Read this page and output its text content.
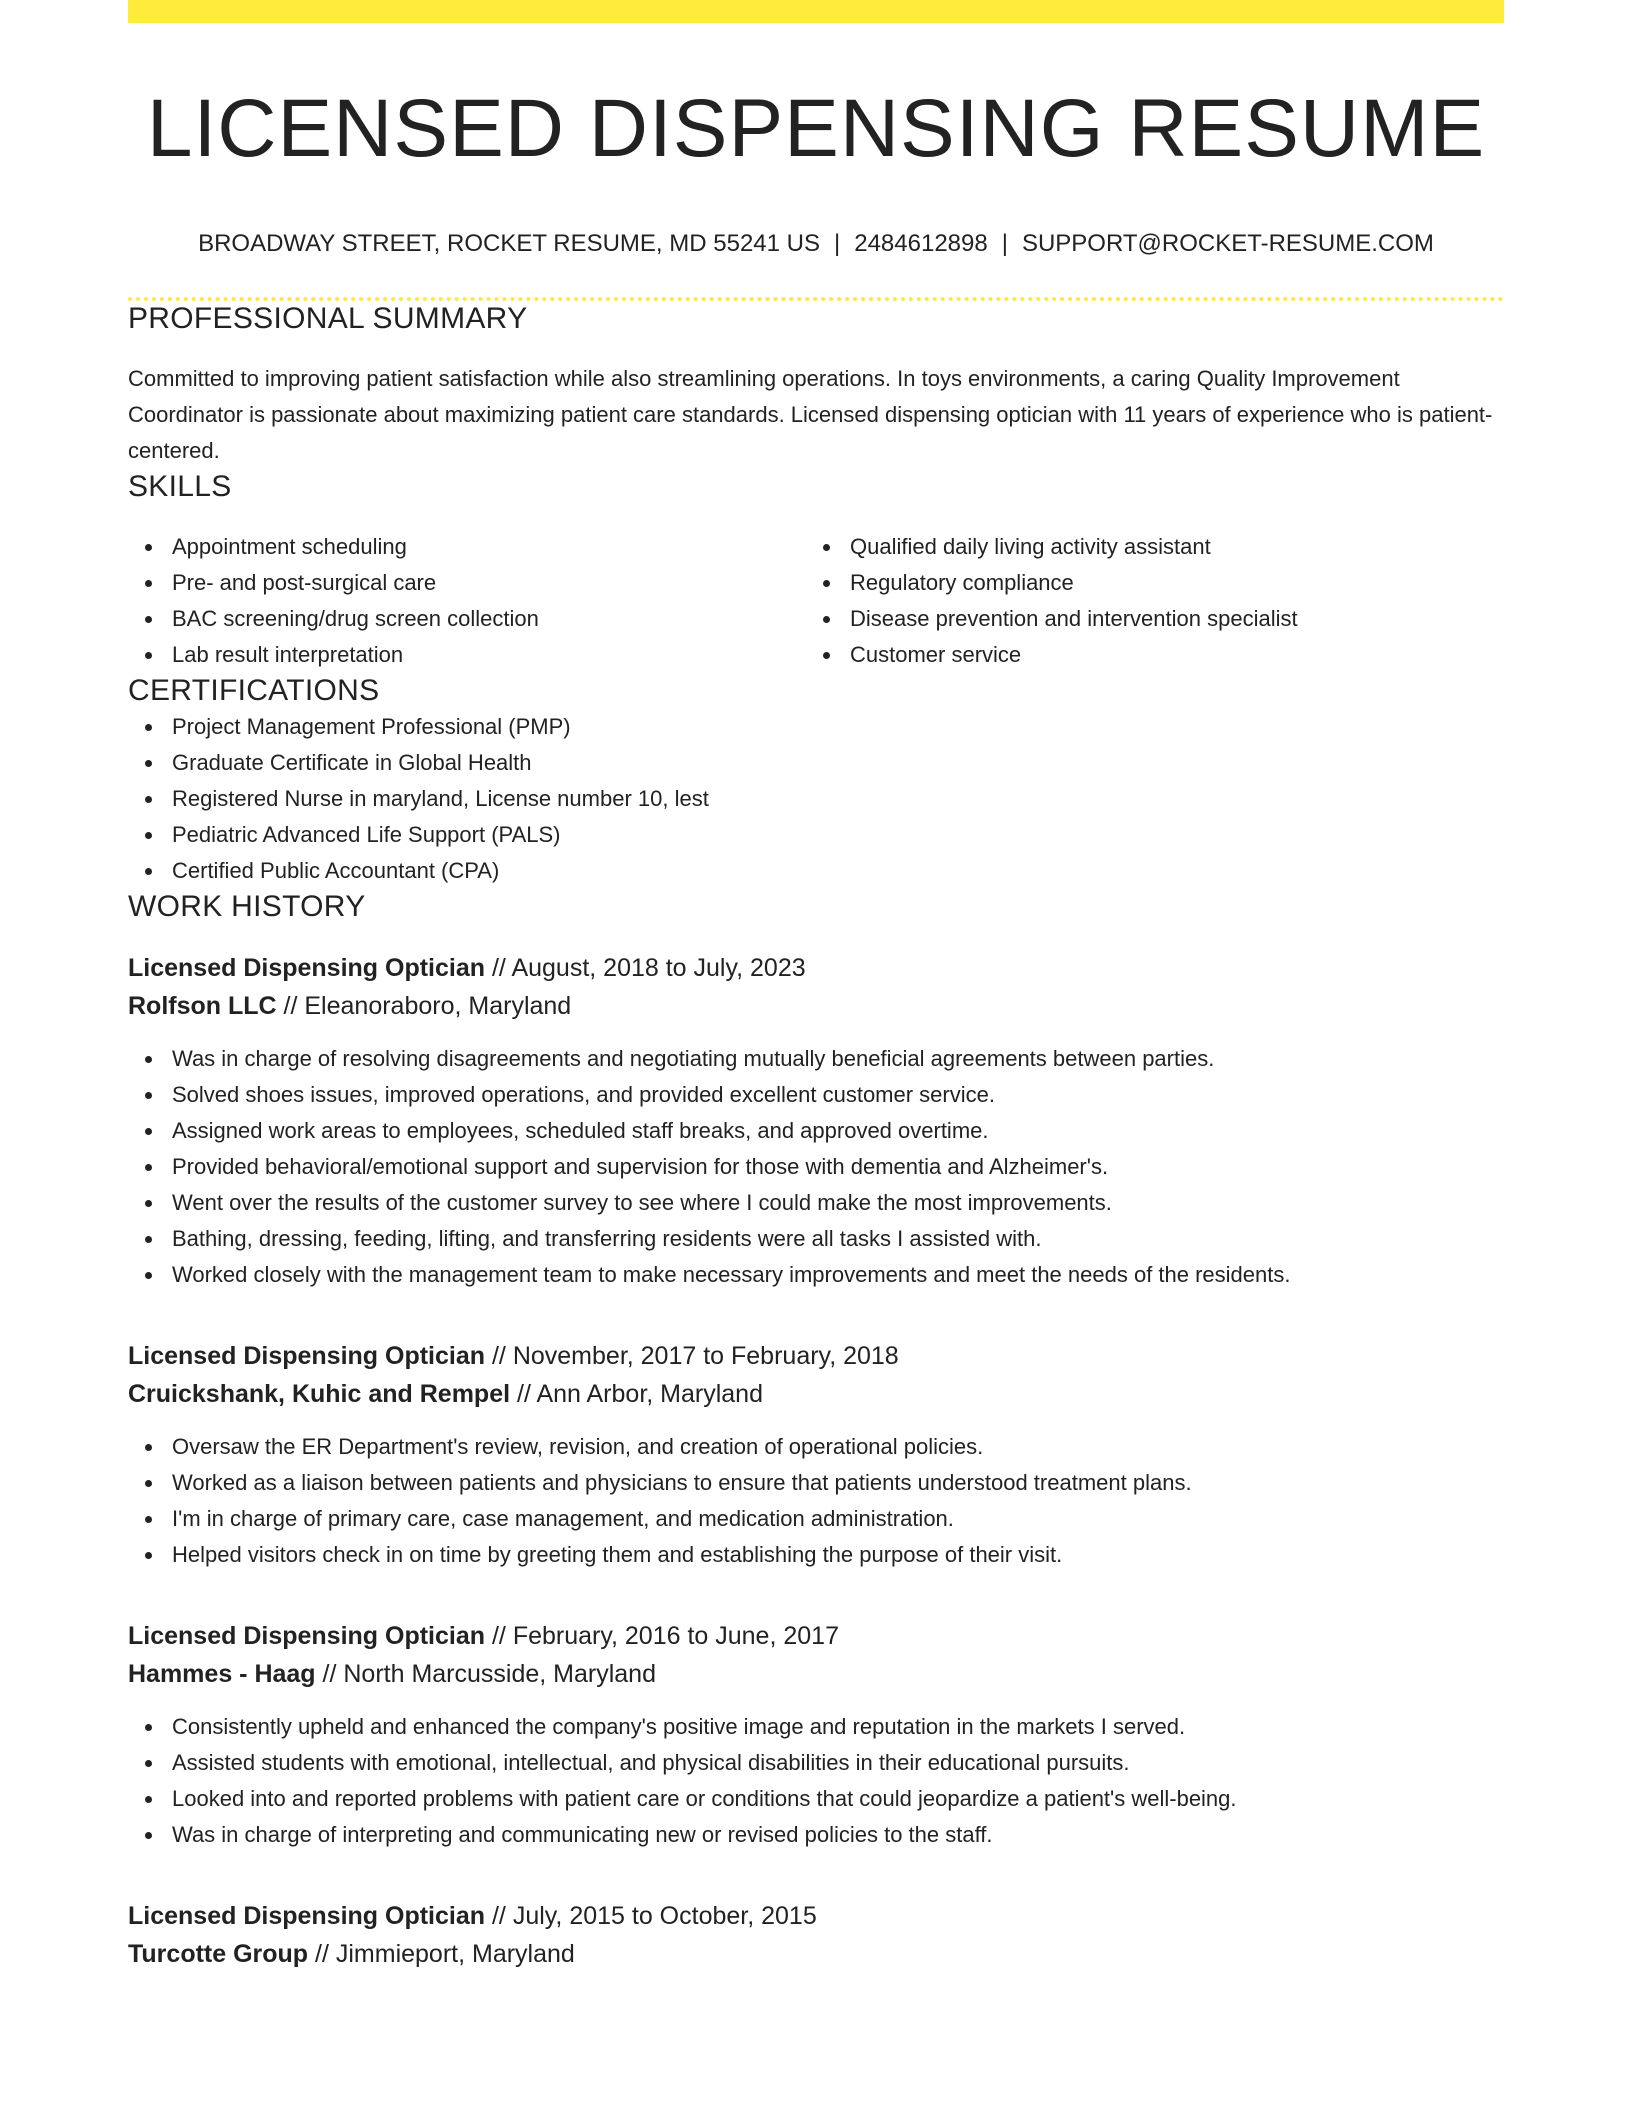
LICENSED DISPENSING RESUME
BROADWAY STREET, ROCKET RESUME, MD 55241 US | 2484612898 | SUPPORT@ROCKET-RESUME.COM
PROFESSIONAL SUMMARY

Committed to improving patient satisfaction while also streamlining operations. In toys environments, a caring Quality Improvement Coordinator is passionate about maximizing patient care standards. Licensed dispensing optician with 11 years of experience who is patient-centered.

SKILLS
Appointment scheduling
Pre- and post-surgical care
BAC screening/drug screen collection
Lab result interpretation
Qualified daily living activity assistant
Regulatory compliance
Disease prevention and intervention specialist
Customer service
CERTIFICATIONS
Project Management Professional (PMP)
Graduate Certificate in Global Health
Registered Nurse in maryland, License number 10, lest
Pediatric Advanced Life Support (PALS)
Certified Public Accountant (CPA)
WORK HISTORY
Licensed Dispensing Optician // August, 2018 to July, 2023
Rolfson LLC // Eleanoraboro, Maryland
Was in charge of resolving disagreements and negotiating mutually beneficial agreements between parties.
Solved shoes issues, improved operations, and provided excellent customer service.
Assigned work areas to employees, scheduled staff breaks, and approved overtime.
Provided behavioral/emotional support and supervision for those with dementia and Alzheimer's.
Went over the results of the customer survey to see where I could make the most improvements.
Bathing, dressing, feeding, lifting, and transferring residents were all tasks I assisted with.
Worked closely with the management team to make necessary improvements and meet the needs of the residents.
Licensed Dispensing Optician // November, 2017 to February, 2018
Cruickshank, Kuhic and Rempel // Ann Arbor, Maryland
Oversaw the ER Department's review, revision, and creation of operational policies.
Worked as a liaison between patients and physicians to ensure that patients understood treatment plans.
I'm in charge of primary care, case management, and medication administration.
Helped visitors check in on time by greeting them and establishing the purpose of their visit.
Licensed Dispensing Optician // February, 2016 to June, 2017
Hammes - Haag // North Marcusside, Maryland
Consistently upheld and enhanced the company's positive image and reputation in the markets I served.
Assisted students with emotional, intellectual, and physical disabilities in their educational pursuits.
Looked into and reported problems with patient care or conditions that could jeopardize a patient's well-being.
Was in charge of interpreting and communicating new or revised policies to the staff.
Licensed Dispensing Optician // July, 2015 to October, 2015
Turcotte Group // Jimmieport, Maryland
